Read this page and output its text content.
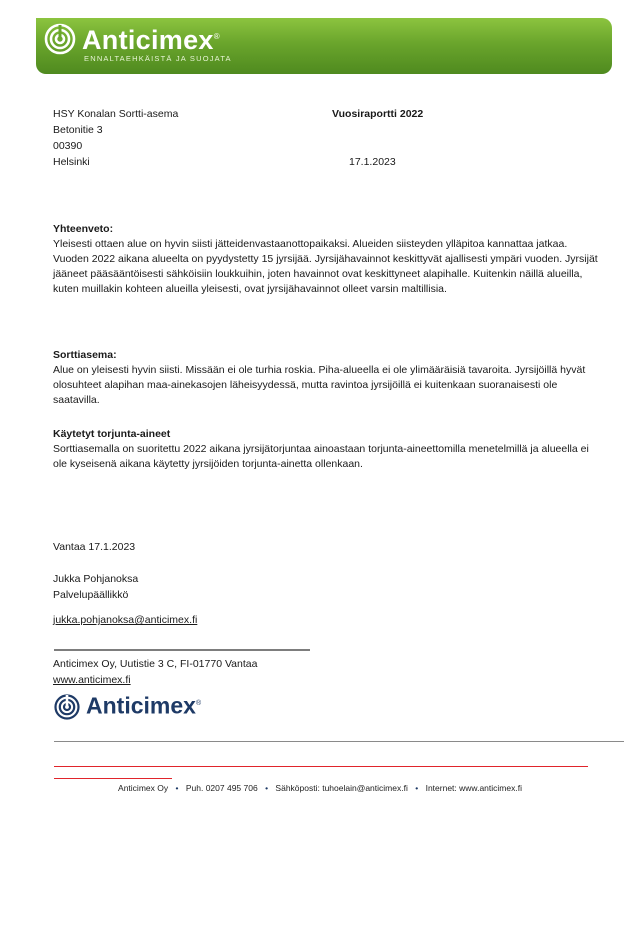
Anticimex®
ENNALTAEHKÄISTÄ JA SUOJATA
HSY Konalan Sortti-asema
Betonitie 3
00390
Helsinki
Vuosiraportti 2022
17.1.2023

Yhteenveto:

Yleisesti ottaen alue on hyvin siisti jätteidenvastaanottopaikaksi. Alueiden siisteyden ylläpitoa kannattaa jatkaa.

Vuoden 2022 aikana alueelta on pyydystetty 15 jyrsijää. Jyrsijähavainnot keskittyvät ajallisesti ympäri vuoden. Jyrsijät jääneet pääsääntöisesti sähköisiin loukkuihin, joten havainnot ovat keskittyneet alapihalle. Kuitenkin näillä alueilla, kuten muillakin kohteen alueilla yleisesti, ovat jyrsijähavainnot olleet varsin maltillisia.

Sorttiasema:

Alue on yleisesti hyvin siisti. Missään ei ole turhia roskia. Piha-alueella ei ole ylimääräisiä tavaroita. Jyrsijöillä hyvät olosuhteet alapihan maa-ainekasojen läheisyydessä, mutta ravintoa jyrsijöillä ei kuitenkaan suoranaisesti ole saatavilla.

Käytetyt torjunta-aineet

Sorttiasemalla on suoritettu 2022 aikana jyrsijätorjuntaa ainoastaan torjunta-aineettomilla menetelmillä ja alueella ei ole kyseisenä aikana käytetty jyrsijöiden torjunta-ainetta ollenkaan.

Vantaa 17.1.2023
Jukka Pohjanoksa
Palvelupäällikkö
jukka.pohjanoksa@anticimex.fi
Anticimex Oy, Uutistie 3 C, FI-01770 Vantaa
www.anticimex.fi
Anticimex®
Anticimex Oy • Puh. 0207 495 706 • Sähköposti: tuhoelain@anticimex.fi • Internet: www.anticimex.fi
